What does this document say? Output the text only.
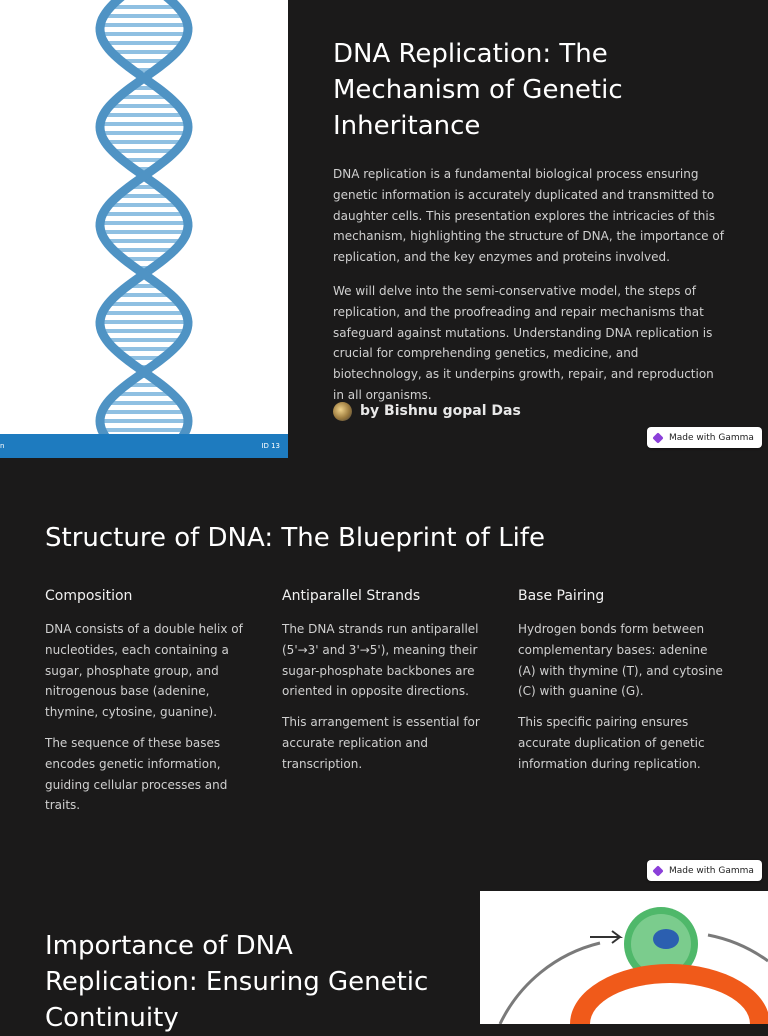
n	ID 13
DNA Replication: The Mechanism of Genetic Inheritance

DNA replication is a fundamental biological process ensuring genetic information is accurately duplicated and transmitted to daughter cells. This presentation explores the intricacies of this mechanism, highlighting the structure of DNA, the importance of replication, and the key enzymes and proteins involved.

We will delve into the semi-conservative model, the steps of replication, and the proofreading and repair mechanisms that safeguard against mutations. Understanding DNA replication is crucial for comprehending genetics, medicine, and biotechnology, as it underpins growth, repair, and reproduction in all organisms.

by Bishnu gopal Das
Made with Gamma
Structure of DNA: The Blueprint of Life
Composition

DNA consists of a double helix of nucleotides, each containing a sugar, phosphate group, and nitrogenous base (adenine, thymine, cytosine, guanine).

The sequence of these bases encodes genetic information, guiding cellular processes and traits.

Antiparallel Strands

The DNA strands run antiparallel (5'→3' and 3'→5'), meaning their sugar-phosphate backbones are oriented in opposite directions.

This arrangement is essential for accurate replication and transcription.

Base Pairing

Hydrogen bonds form between complementary bases: adenine (A) with thymine (T), and cytosine (C) with guanine (G).

This specific pairing ensures accurate duplication of genetic information during replication.

Made with Gamma
Importance of DNA Replication: Ensuring Genetic Continuity	DNA Replication
